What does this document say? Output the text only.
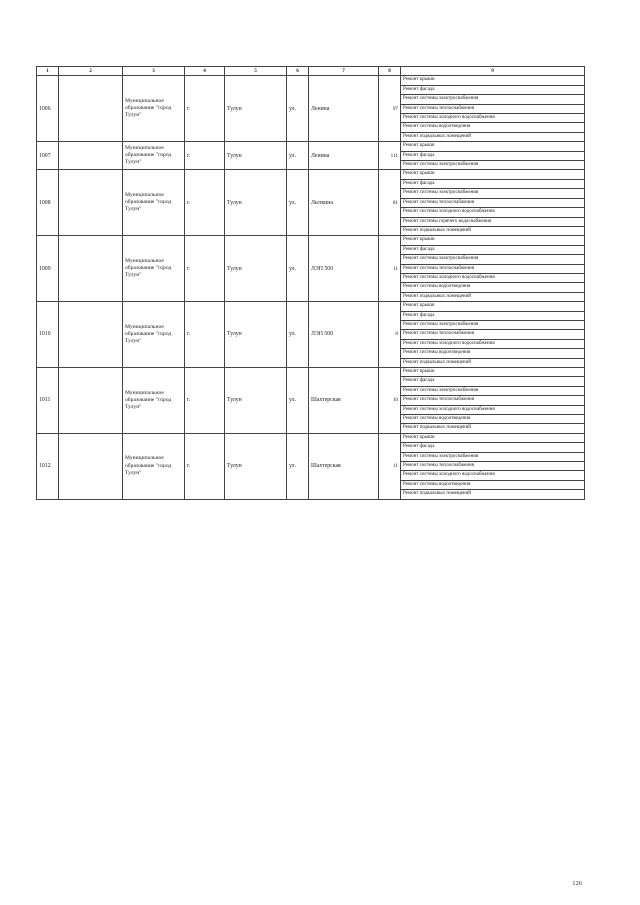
1	2	3	4	5	6	7	8	9
1006		Муниципальное образование "город Тулун"	г.	Тулун	ул.	Ленина	97	Ремонт крыши
								Ремонт фасада
								Ремонт системы электроснабжения
								Ремонт системы теплоснабжения
								Ремонт системы холодного водоснабжения
								Ремонт системы водоотведения
								Ремонт подвальных помещений
1007		Муниципальное образование "город Тулун"	г.	Тулун	ул.	Ленина	111	Ремонт крыши
								Ремонт фасада
								Ремонт системы электроснабжения
1008		Муниципальное образование "город Тулун"	г.	Тулун	ул.	Лыткина	81	Ремонт крыши
								Ремонт фасада
								Ремонт системы электроснабжения
								Ремонт системы теплоснабжения
								Ремонт системы холодного водоснабжения
								Ремонт системы горячего водоснабжения
								Ремонт подвальных помещений
1009		Муниципальное образование "город Тулун"	г.	Тулун	ул.	ЛЭП 500	11	Ремонт крыши
								Ремонт фасада
								Ремонт системы электроснабжения
								Ремонт системы теплоснабжения
								Ремонт системы холодного водоснабжения
								Ремонт системы водоотведения
								Ремонт подвальных помещений
1010		Муниципальное образование "город Тулун"	г.	Тулун	ул.	ЛЭП 500	8	Ремонт крыши
								Ремонт фасада
								Ремонт системы электроснабжения
								Ремонт системы теплоснабжения
								Ремонт системы холодного водоснабжения
								Ремонт системы водоотведения
								Ремонт подвальных помещений
1011		Муниципальное образование "город Тулун"	г.	Тулун	ул.	Шахтерская	10	Ремонт крыши
								Ремонт фасада
								Ремонт системы электроснабжения
								Ремонт системы теплоснабжения
								Ремонт системы холодного водоснабжения
								Ремонт системы водоотведения
								Ремонт подвальных помещений
1012		Муниципальное образование "город Тулун"	г.	Тулун	ул.	Шахтерская	11	Ремонт крыши
								Ремонт фасада
								Ремонт системы электроснабжения
								Ремонт системы теплоснабжения
								Ремонт системы холодного водоснабжения
								Ремонт системы водоотведения
								Ремонт подвальных помещений
126
